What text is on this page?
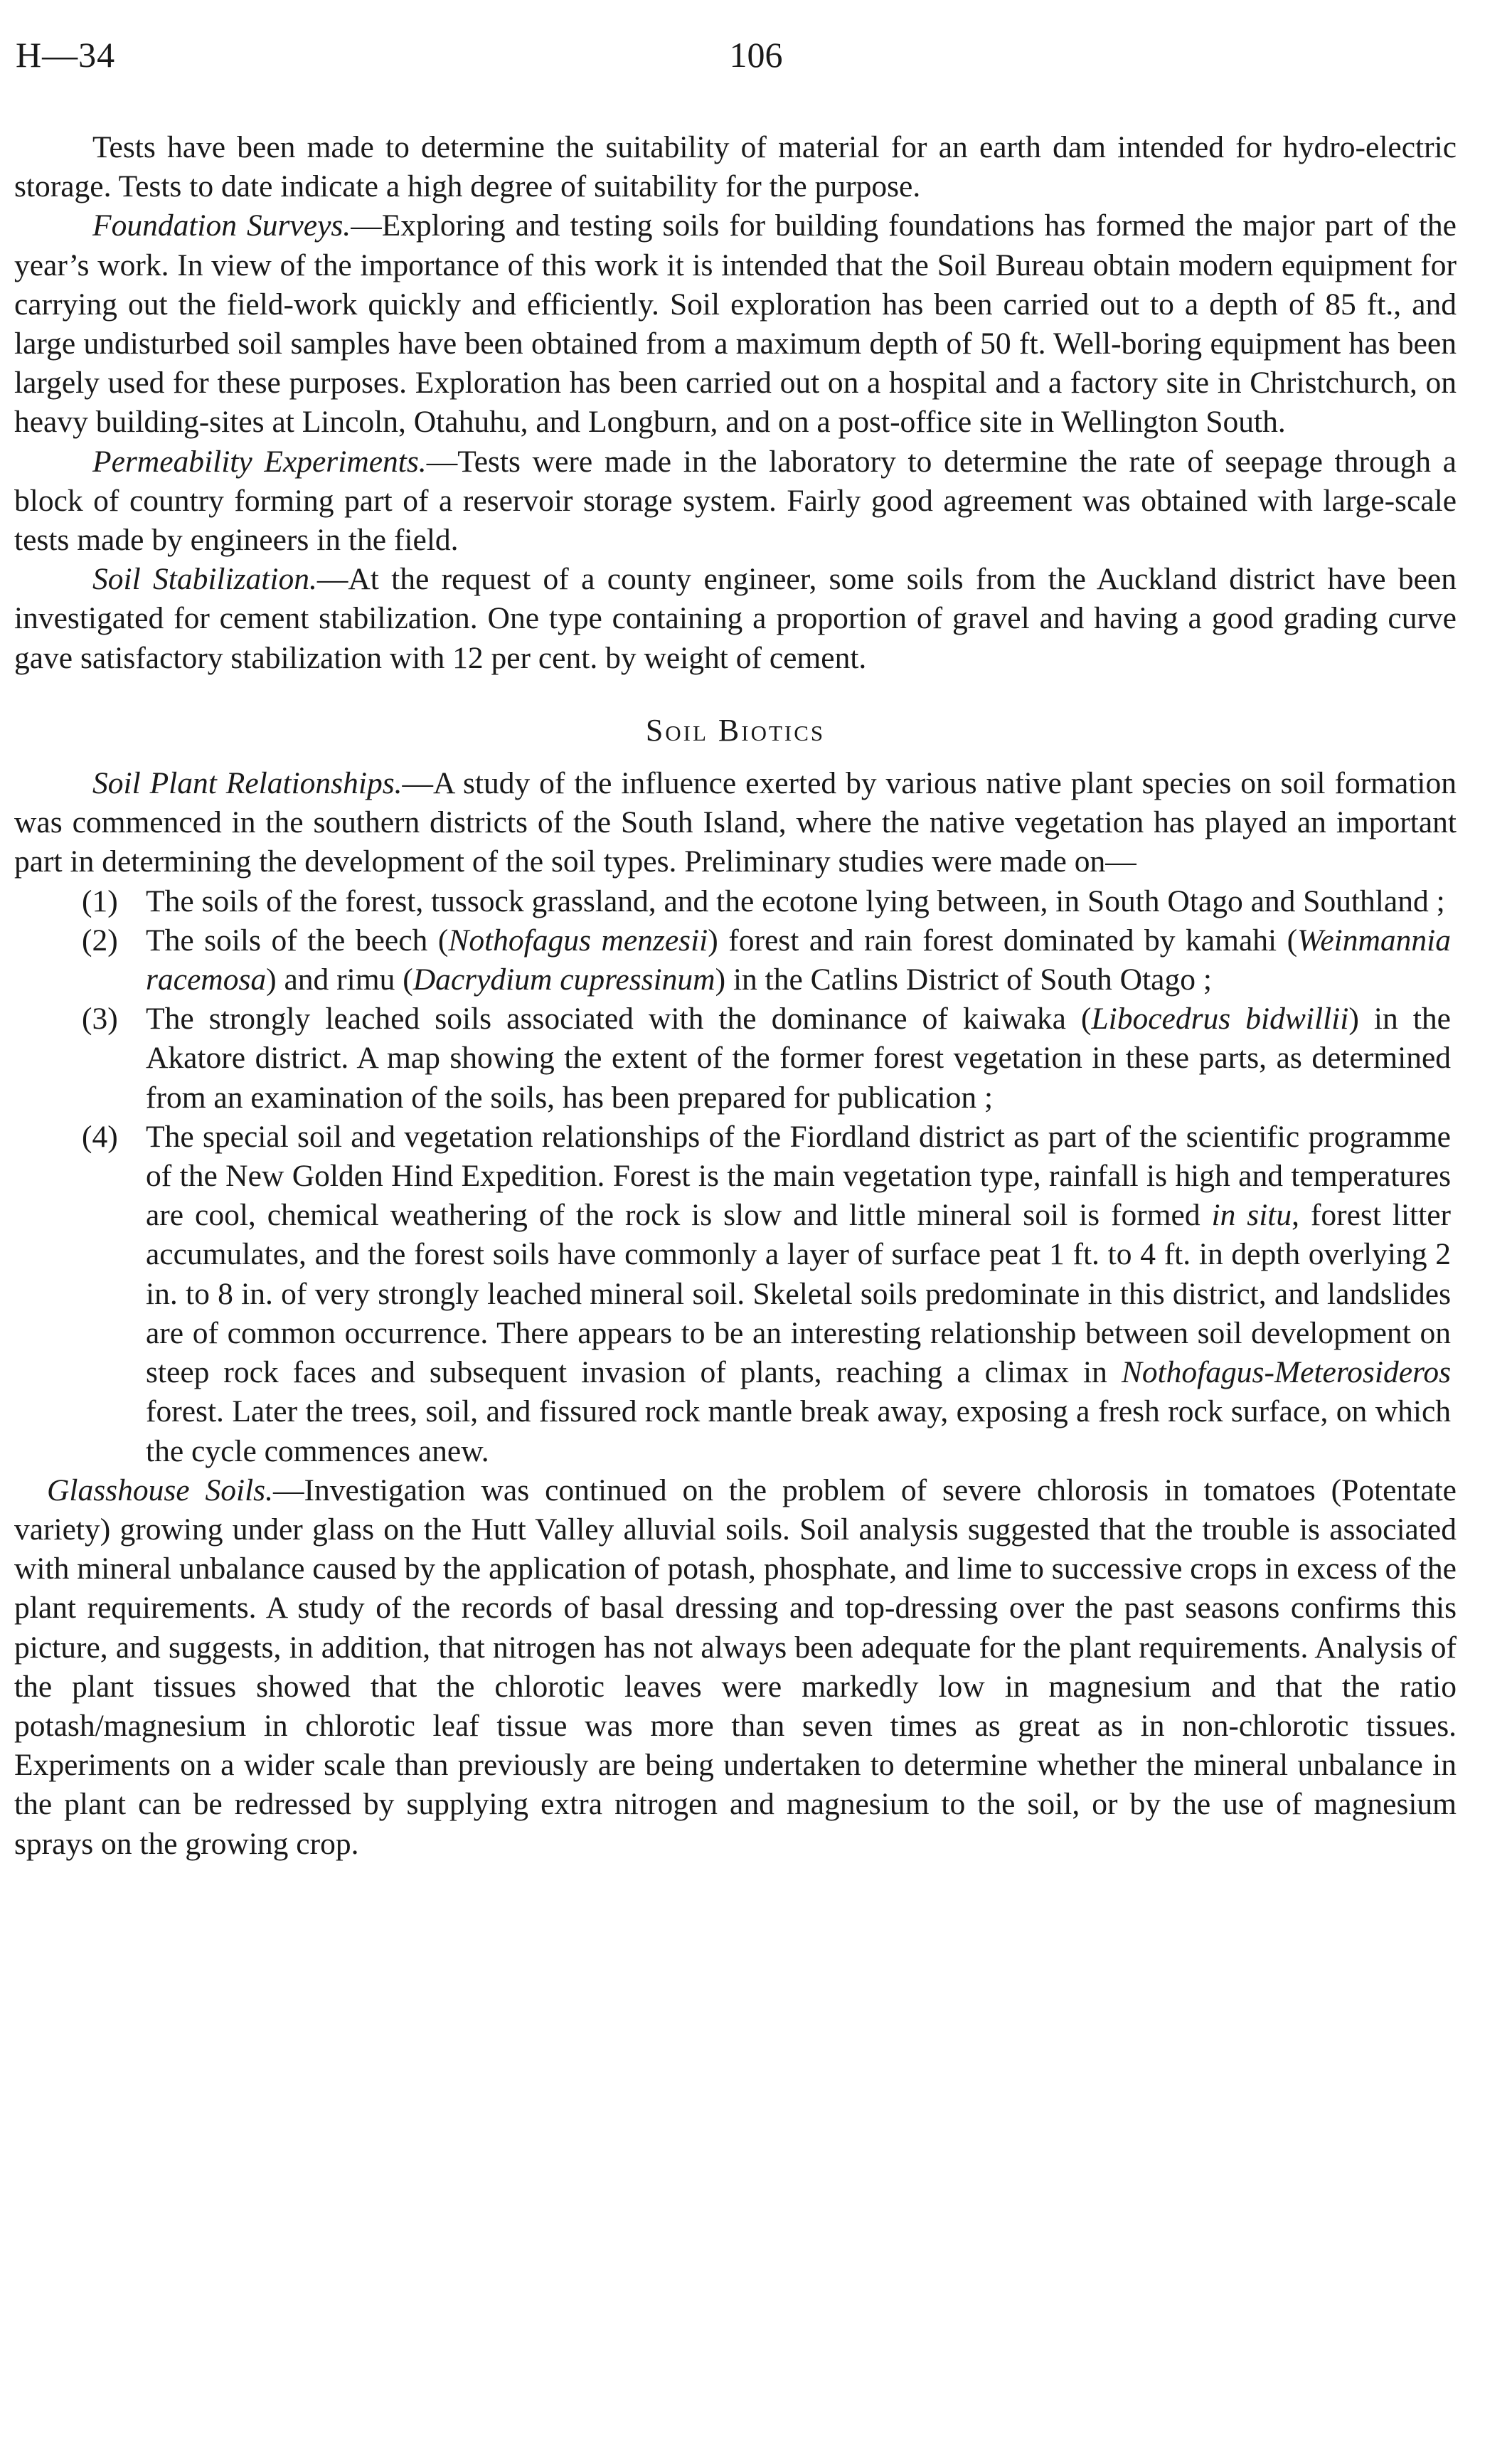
H—34	106

Tests have been made to determine the suitability of material for an earth dam intended for hydro-electric storage. Tests to date indicate a high degree of suitability for the purpose.

Foundation Surveys.—Exploring and testing soils for building foundations has formed the major part of the year’s work. In view of the importance of this work it is intended that the Soil Bureau obtain modern equipment for carrying out the field-work quickly and efficiently. Soil exploration has been carried out to a depth of 85 ft., and large undisturbed soil samples have been obtained from a maximum depth of 50 ft. Well-boring equipment has been largely used for these purposes. Exploration has been carried out on a hospital and a factory site in Christchurch, on heavy building-sites at Lincoln, Otahuhu, and Longburn, and on a post-office site in Wellington South.

Permeability Experiments.—Tests were made in the laboratory to determine the rate of seepage through a block of country forming part of a reservoir storage system. Fairly good agreement was obtained with large-scale tests made by engineers in the field.

Soil Stabilization.—At the request of a county engineer, some soils from the Auckland district have been investigated for cement stabilization. One type containing a proportion of gravel and having a good grading curve gave satisfactory stabilization with 12 per cent. by weight of cement.

Soil Biotics

Soil Plant Relationships.—A study of the influence exerted by various native plant species on soil formation was commenced in the southern districts of the South Island, where the native vegetation has played an important part in determining the development of the soil types. Preliminary studies were made on—

(1) The soils of the forest, tussock grassland, and the ecotone lying between, in South Otago and Southland ;
(2) The soils of the beech (Nothofagus menzesii) forest and rain forest dominated by kamahi (Weinmannia racemosa) and rimu (Dacrydium cupressinum) in the Catlins District of South Otago ;
(3) The strongly leached soils associated with the dominance of kaiwaka (Libocedrus bidwillii) in the Akatore district. A map showing the extent of the former forest vegetation in these parts, as determined from an examination of the soils, has been prepared for publication ;
(4) The special soil and vegetation relationships of the Fiordland district as part of the scientific programme of the New Golden Hind Expedition. Forest is the main vegetation type, rainfall is high and temperatures are cool, chemical weathering of the rock is slow and little mineral soil is formed in situ, forest litter accumulates, and the forest soils have commonly a layer of surface peat 1 ft. to 4 ft. in depth overlying 2 in. to 8 in. of very strongly leached mineral soil. Skeletal soils predominate in this district, and landslides are of common occurrence. There appears to be an interesting relationship between soil development on steep rock faces and subsequent invasion of plants, reaching a climax in Nothofagus-Meterosideros forest. Later the trees, soil, and fissured rock mantle break away, exposing a fresh rock surface, on which the cycle commences anew.

Glasshouse Soils.—Investigation was continued on the problem of severe chlorosis in tomatoes (Potentate variety) growing under glass on the Hutt Valley alluvial soils. Soil analysis suggested that the trouble is associated with mineral unbalance caused by the application of potash, phosphate, and lime to successive crops in excess of the plant requirements. A study of the records of basal dressing and top-dressing over the past seasons confirms this picture, and suggests, in addition, that nitrogen has not always been adequate for the plant requirements. Analysis of the plant tissues showed that the chlorotic leaves were markedly low in magnesium and that the ratio potash/magnesium in chlorotic leaf tissue was more than seven times as great as in non-chlorotic tissues. Experiments on a wider scale than previously are being undertaken to determine whether the mineral unbalance in the plant can be redressed by supplying extra nitrogen and magnesium to the soil, or by the use of magnesium sprays on the growing crop.
